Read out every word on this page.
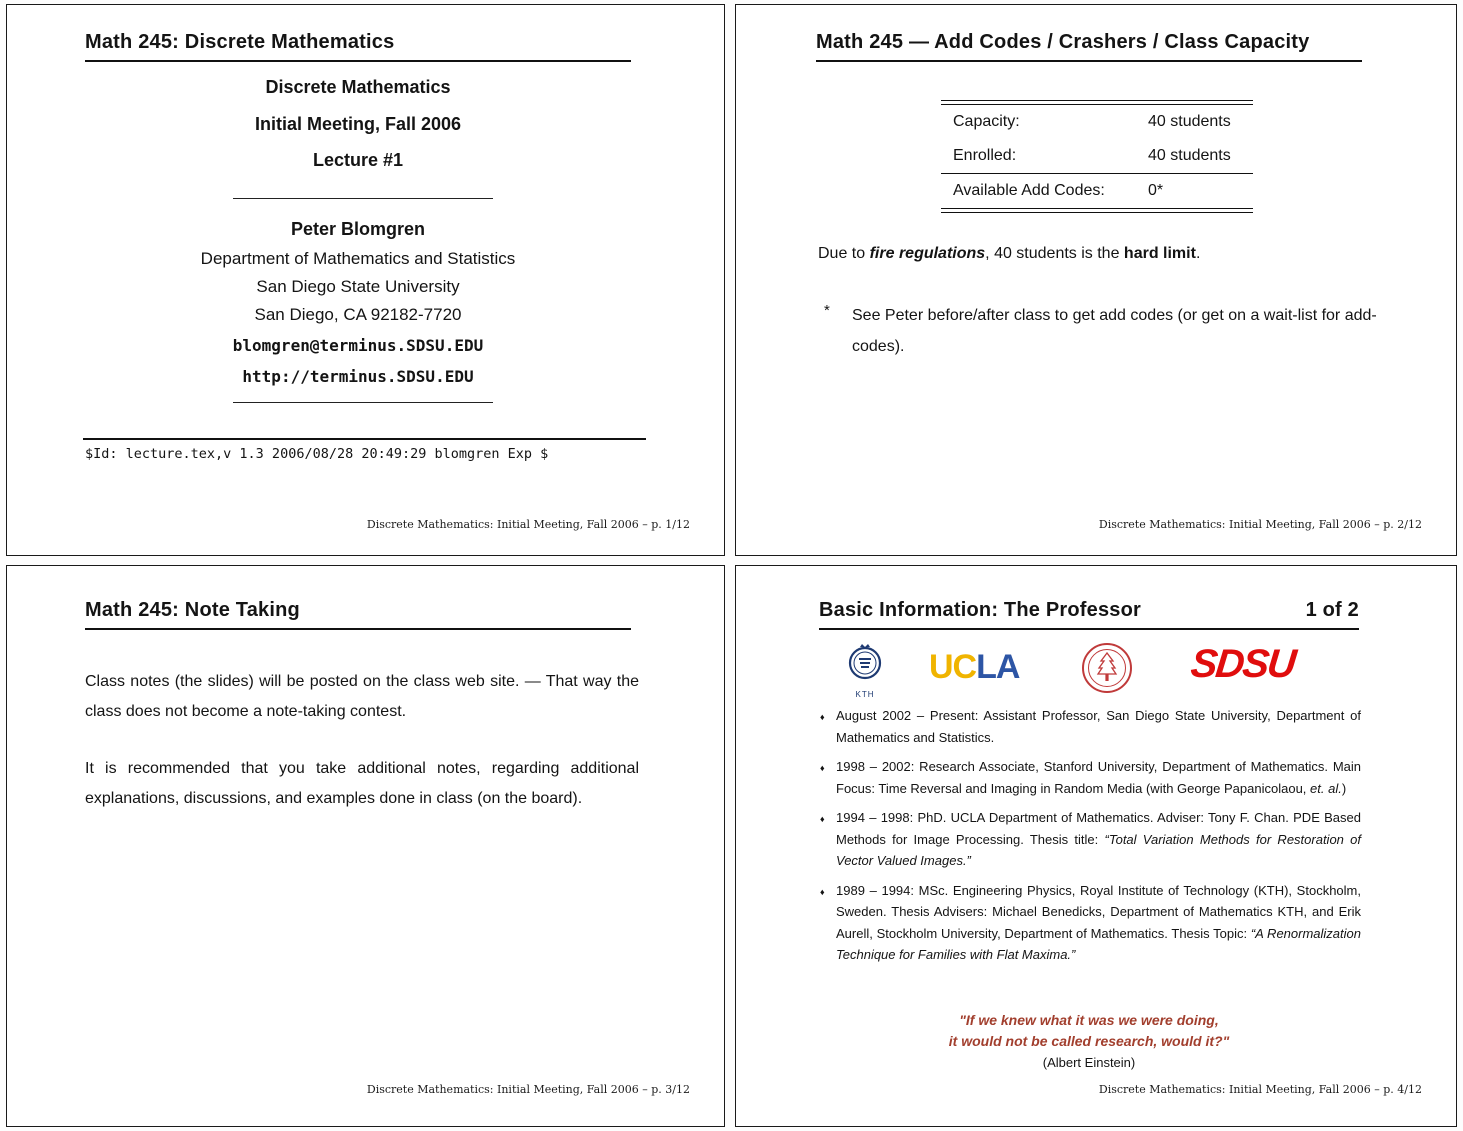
Math 245: Discrete Mathematics
Discrete Mathematics
Initial Meeting, Fall 2006
Lecture #1
Peter Blomgren
Department of Mathematics and Statistics
San Diego State University
San Diego, CA 92182-7720
blomgren@terminus.SDSU.EDU
http://terminus.SDSU.EDU
$Id: lecture.tex,v 1.3 2006/08/28 20:49:29 blomgren Exp $
Discrete Mathematics: Initial Meeting, Fall 2006 – p. 1/12
Math 245 — Add Codes / Crashers / Class Capacity
Capacity:	40 students
Enrolled:	40 students
Available Add Codes:	0*
Due to fire regulations, 40 students is the hard limit.
* See Peter before/after class to get add codes (or get on a wait-list for add-codes).
Discrete Mathematics: Initial Meeting, Fall 2006 – p. 2/12
Math 245: Note Taking
Class notes (the slides) will be posted on the class web site. — That way the class does not become a note-taking contest.
It is recommended that you take additional notes, regarding additional explanations, discussions, and examples done in class (on the board).
Discrete Mathematics: Initial Meeting, Fall 2006 – p. 3/12
Basic Information: The Professor	1 of 2
KTH
UCLA	SDSU
♦ August 2002 – Present: Assistant Professor, San Diego State University, Department of Mathematics and Statistics.
♦ 1998 – 2002: Research Associate, Stanford University, Department of Mathematics. Main Focus: Time Reversal and Imaging in Random Media (with George Papanicolaou, et. al.)
♦ 1994 – 1998: PhD. UCLA Department of Mathematics. Adviser: Tony F. Chan. PDE Based Methods for Image Processing. Thesis title: “Total Variation Methods for Restoration of Vector Valued Images.”
♦ 1989 – 1994: MSc. Engineering Physics, Royal Institute of Technology (KTH), Stockholm, Sweden. Thesis Advisers: Michael Benedicks, Department of Mathematics KTH, and Erik Aurell, Stockholm University, Department of Mathematics. Thesis Topic: “A Renormalization Technique for Families with Flat Maxima.”
"If we knew what it was we were doing,
it would not be called research, would it?"
(Albert Einstein)
Discrete Mathematics: Initial Meeting, Fall 2006 – p. 4/12
